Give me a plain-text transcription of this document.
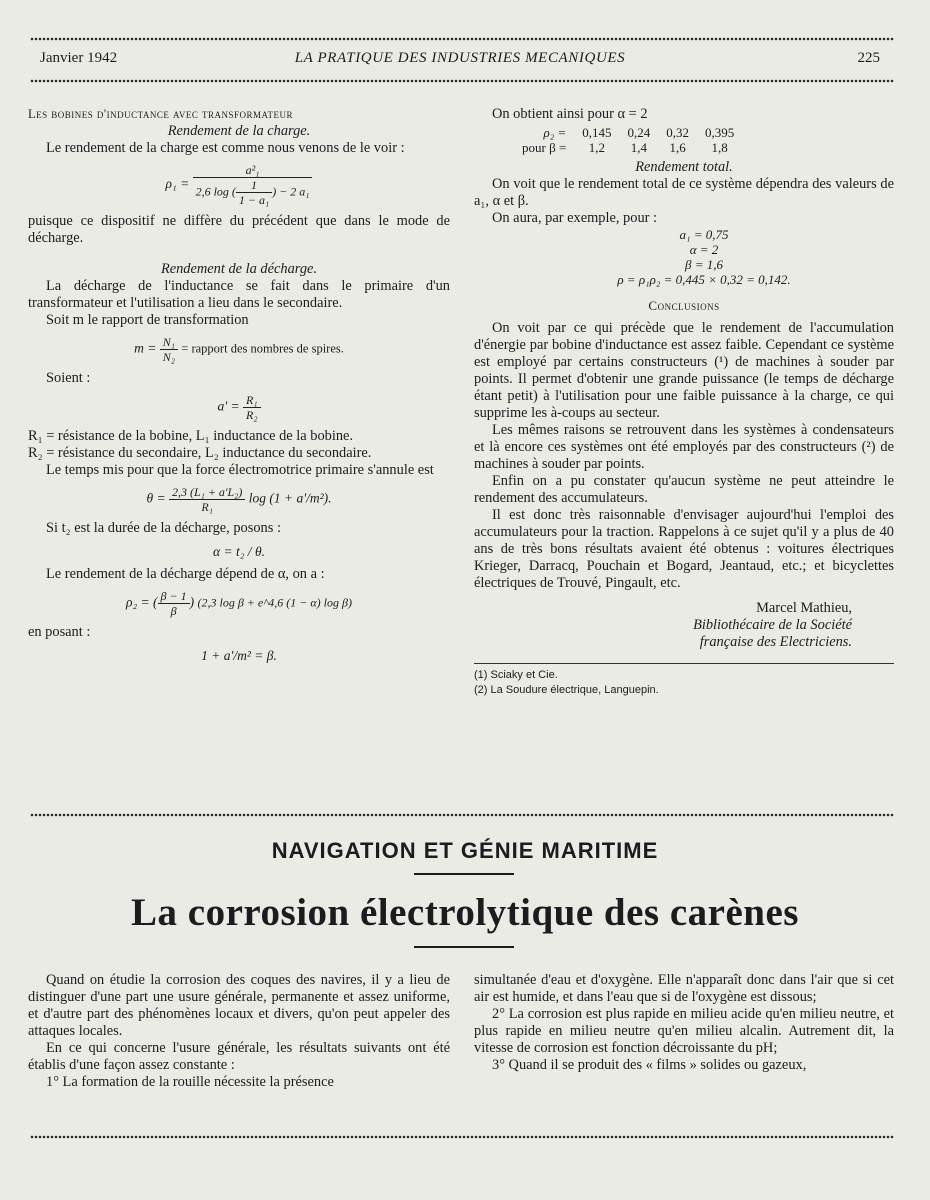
Janvier 1942	LA PRATIQUE DES INDUSTRIES MECANIQUES	225

Les bobines d'inductance avec transformateur

Rendement de la charge.

Le rendement de la charge est comme nous venons de le voir :

$\rho_1 = \frac{\text{a²₁}}{2,6 \log ( \frac{1}{\text{1 − a₁}} ) - 2 a_1}$

puisque ce dispositif ne diffère du précédent que dans le mode de décharge.

Rendement de la décharge.

La décharge de l'inductance se fait dans le primaire d'un transformateur et l'utilisation a lieu dans le secondaire.

Soit m le rapport de transformation

$m = \frac{\text{N₁}}{\text{N₂}}$ = rapport des nombres de spires.

Soient :

$a' = \frac{\text{R₁}}{\text{R₂}}$

R₁ = résistance de la bobine, L₁ inductance de la bobine.

R₂ = résistance du secondaire, L₂ inductance du secondaire.

Le temps mis pour que la force électromotrice primaire s'annule est

$\theta = \frac{\text{2,3 (L₁ + a'L₂)}}{\text{R₁}}$ log (1 + a'/m²).

Si t₂ est la durée de la décharge, posons :

α = t₂ / θ.

Le rendement de la décharge dépend de α, on a :

ρ₂ = ( $\frac{\beta - 1}{\beta}$ ) (2,3 log β + e^4,6 (1 − α) log β)

en posant :

1 + a'/m² = β.

On obtient ainsi pour α = 2

ρ₂ =	0,145	0,24	0,32	0,395
pour β =	1,2	1,4	1,6	1,8

Rendement total.

On voit que le rendement total de ce système dépendra des valeurs de a₁, α et β.

On aura, par exemple, pour :

a₁ = 0,75
α = 2
β = 1,6
ρ = ρ₁ρ₂ = 0,445 × 0,32 = 0,142.

Conclusions

On voit par ce qui précède que le rendement de l'accumulation d'énergie par bobine d'inductance est assez faible. Cependant ce système est employé par certains constructeurs (¹) de machines à souder par points. Il permet d'obtenir une grande puissance (le temps de décharge étant petit) à l'utilisation pour une faible puissance à la charge, ce qui supprime les à-coups au secteur.

Les mêmes raisons se retrouvent dans les systèmes à condensateurs et là encore ces systèmes ont été employés par des constructeurs (²) de machines à souder par points.

Enfin on a pu constater qu'aucun système ne peut atteindre le rendement des accumulateurs.

Il est donc très raisonnable d'envisager aujourd'hui l'emploi des accumulateurs pour la traction. Rappelons à ce sujet qu'il y a plus de 40 ans de très bons résultats avaient été obtenus : voitures électriques Krieger, Darracq, Pouchain et Bogard, Jeantaud, etc.; et bicyclettes électriques de Trouvé, Pingault, etc.

Marcel Mathieu,
Bibliothécaire de la Société
française des Electriciens.
(1) Sciaky et Cie.
(2) La Soudure électrique, Languepin.
NAVIGATION ET GÉNIE MARITIME
La corrosion électrolytique des carènes

Quand on étudie la corrosion des coques des navires, il y a lieu de distinguer d'une part une usure générale, permanente et assez uniforme, et d'autre part des phénomènes locaux et divers, qu'on peut appeler des attaques locales.

En ce qui concerne l'usure générale, les résultats suivants ont été établis d'une façon assez constante :

1° La formation de la rouille nécessite la présence

simultanée d'eau et d'oxygène. Elle n'apparaît donc dans l'air que si cet air est humide, et dans l'eau que si de l'oxygène est dissous;

2° La corrosion est plus rapide en milieu acide qu'en milieu neutre, et plus rapide en milieu neutre qu'en milieu alcalin. Autrement dit, la vitesse de corrosion est fonction décroissante du pH;

3° Quand il se produit des « films » solides ou gazeux,
